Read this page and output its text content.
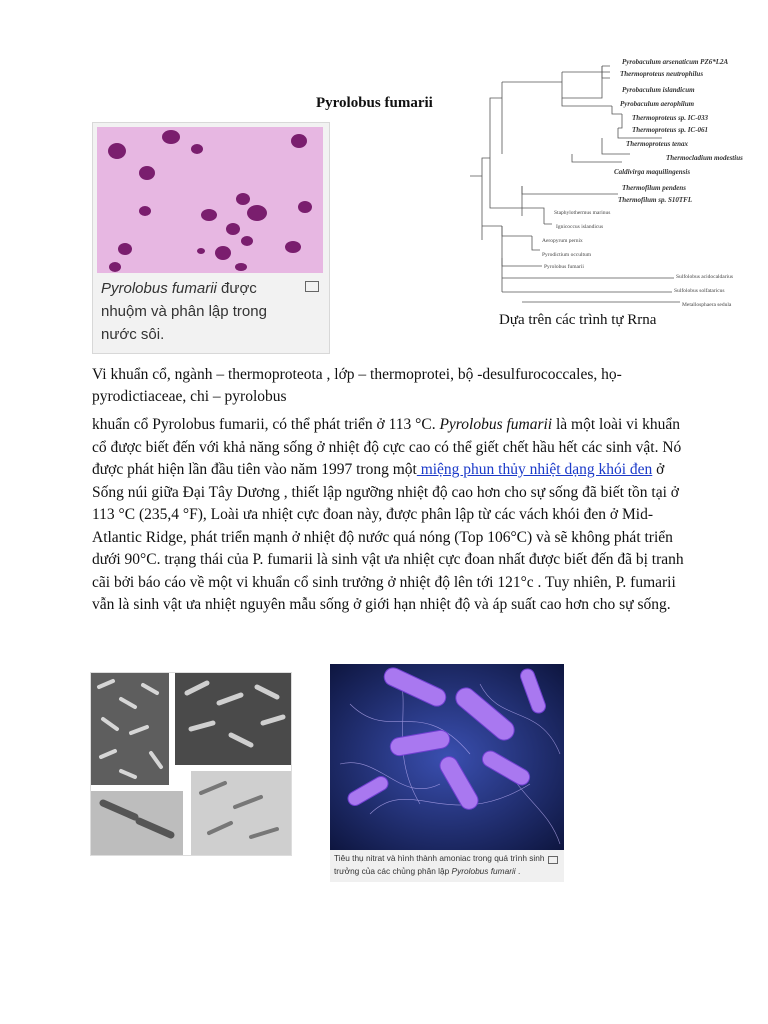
Pyrolobus fumarii
Pyrolobus fumarii được nhuộm và phân lập trong nước sôi.
Pyrobaculum arsenaticum PZ6*L2A
Thermoproteus neutrophilus
Pyrobaculum islandicum
Pyrobaculum aerophilum
Thermoproteus sp. IC-033
Thermoproteus sp. IC-061
Thermoproteus tenax
Thermocladium modestius
Caldivirga maquilingensis
Thermofilum pendens
Thermofilum sp. S10TFL
Staphylothermus marinus
Ignicoccus islandicus
Aeropyrum pernix
Pyrodictium occultum
Pyrolobus fumarii
Sulfolobus acidocaldarius
Sulfolobus solfataricus
Metallosphaera sedula
Dựa trên các trình tự Rrna
Vi khuẩn cổ, ngành – thermoproteota , lớp – thermoprotei, bộ -desulfurococcales, họ- pyrodictiaceae, chi – pyrolobus
khuẩn cổ Pyrolobus fumarii, có thể phát triển ở 113 °C. Pyrolobus fumarii là một loài vi khuẩn cổ được biết đến với khả năng sống ở nhiệt độ cực cao có thể giết chết hầu hết các sinh vật. Nó được phát hiện lần đầu tiên vào năm 1997 trong một miệng phun thủy nhiệt dạng khói đen ở Sống núi giữa Đại Tây Dương , thiết lập ngưỡng nhiệt độ cao hơn cho sự sống đã biết tồn tại ở 113 °C (235,4 °F), Loài ưa nhiệt cực đoan này, được phân lập từ các vách khói đen ở Mid-Atlantic Ridge, phát triển mạnh ở nhiệt độ nước quá nóng (Top 106°C) và sẽ không phát triển dưới 90°C. trạng thái của P. fumarii là sinh vật ưa nhiệt cực đoan nhất được biết đến đã bị tranh cãi bởi báo cáo về một vi khuẩn cổ sinh trưởng ở nhiệt độ lên tới 121°c . Tuy nhiên, P. fumarii vẫn là sinh vật ưa nhiệt nguyên mẫu sống ở giới hạn nhiệt độ và áp suất cao hơn cho sự sống.
Tiêu thụ nitrat và hình thành amoniac trong quá trình sinh trưởng của các chủng phân lập Pyrolobus fumarii .
